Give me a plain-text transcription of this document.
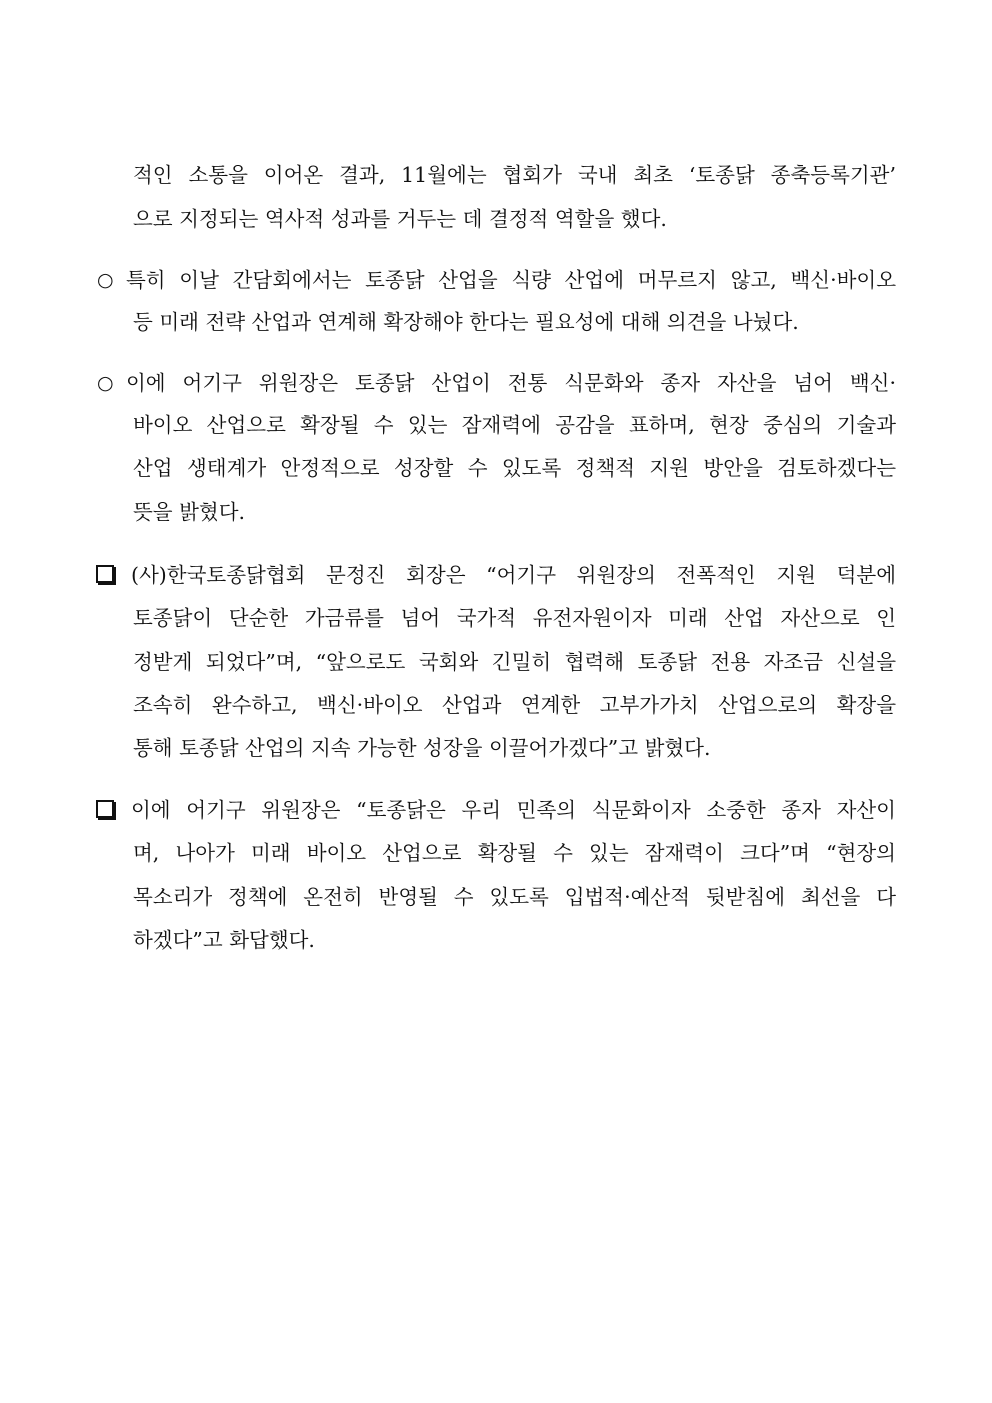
적인 소통을 이어온 결과, 11월에는 협회가 국내 최초 ‘토종닭 종축등록기관’
으로 지정되는 역사적 성과를 거두는 데 결정적 역할을 했다.
○ 특히 이날 간담회에서는 토종닭 산업을 식량 산업에 머무르지 않고, 백신·바이오
등 미래 전략 산업과 연계해 확장해야 한다는 필요성에 대해 의견을 나눴다.
○ 이에 어기구 위원장은 토종닭 산업이 전통 식문화와 종자 자산을 넘어 백신·
바이오 산업으로 확장될 수 있는 잠재력에 공감을 표하며, 현장 중심의 기술과
산업 생태계가 안정적으로 성장할 수 있도록 정책적 지원 방안을 검토하겠다는
뜻을 밝혔다.
(사)한국토종닭협회 문정진 회장은 “어기구 위원장의 전폭적인 지원 덕분에
토종닭이 단순한 가금류를 넘어 국가적 유전자원이자 미래 산업 자산으로 인
정받게 되었다”며, “앞으로도 국회와 긴밀히 협력해 토종닭 전용 자조금 신설을
조속히 완수하고, 백신·바이오 산업과 연계한 고부가가치 산업으로의 확장을
통해 토종닭 산업의 지속 가능한 성장을 이끌어가겠다”고 밝혔다.
이에 어기구 위원장은 “토종닭은 우리 민족의 식문화이자 소중한 종자 자산이
며, 나아가 미래 바이오 산업으로 확장될 수 있는 잠재력이 크다”며 “현장의
목소리가 정책에 온전히 반영될 수 있도록 입법적·예산적 뒷받침에 최선을 다
하겠다”고 화답했다.
